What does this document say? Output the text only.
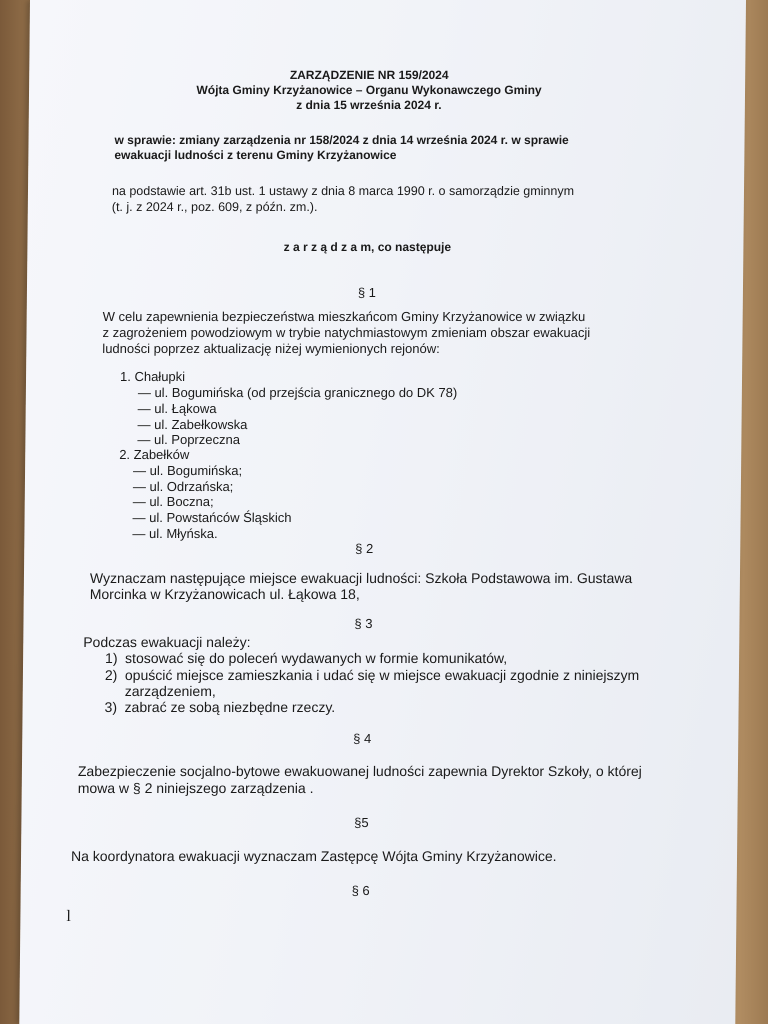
ZARZĄDZENIE NR 159/2024
Wójta Gminy Krzyżanowice – Organu Wykonawczego Gminy
z dnia 15 września 2024 r.
w sprawie: zmiany zarządzenia nr 158/2024 z dnia 14 września 2024 r. w sprawie
ewakuacji ludności z terenu Gminy Krzyżanowice
na podstawie art. 31b ust. 1 ustawy z dnia 8 marca 1990 r. o samorządzie gminnym
(t. j. z 2024 r., poz. 609, z późn. zm.).
z a r z ą d z a m, co następuje
§ 1
W celu zapewnienia bezpieczeństwa mieszkańcom Gminy Krzyżanowice w związku
z zagrożeniem powodziowym w trybie natychmiastowym zmieniam obszar ewakuacji
ludności poprzez aktualizację niżej wymienionych rejonów:
1. Chałupki
— ul. Bogumińska (od przejścia granicznego do DK 78)
— ul. Łąkowa
— ul. Zabełkowska
— ul. Poprzeczna
2. Zabełków
— ul. Bogumińska;
— ul. Odrzańska;
— ul. Boczna;
— ul. Powstańców Śląskich
— ul. Młyńska.
§ 2
Wyznaczam następujące miejsce ewakuacji ludności: Szkoła Podstawowa im. Gustawa
Morcinka w Krzyżanowicach ul. Łąkowa 18,
§ 3
Podczas ewakuacji należy:
1) stosować się do poleceń wydawanych w formie komunikatów,
2) opuścić miejsce zamieszkania i udać się w miejsce ewakuacji zgodnie z niniejszym
zarządzeniem,
3) zabrać ze sobą niezbędne rzeczy.
§ 4
Zabezpieczenie socjalno-bytowe ewakuowanej ludności zapewnia Dyrektor Szkoły, o której
mowa w § 2 niniejszego zarządzenia .
§5
Na koordynatora ewakuacji wyznaczam Zastępcę Wójta Gminy Krzyżanowice.
§ 6
l
